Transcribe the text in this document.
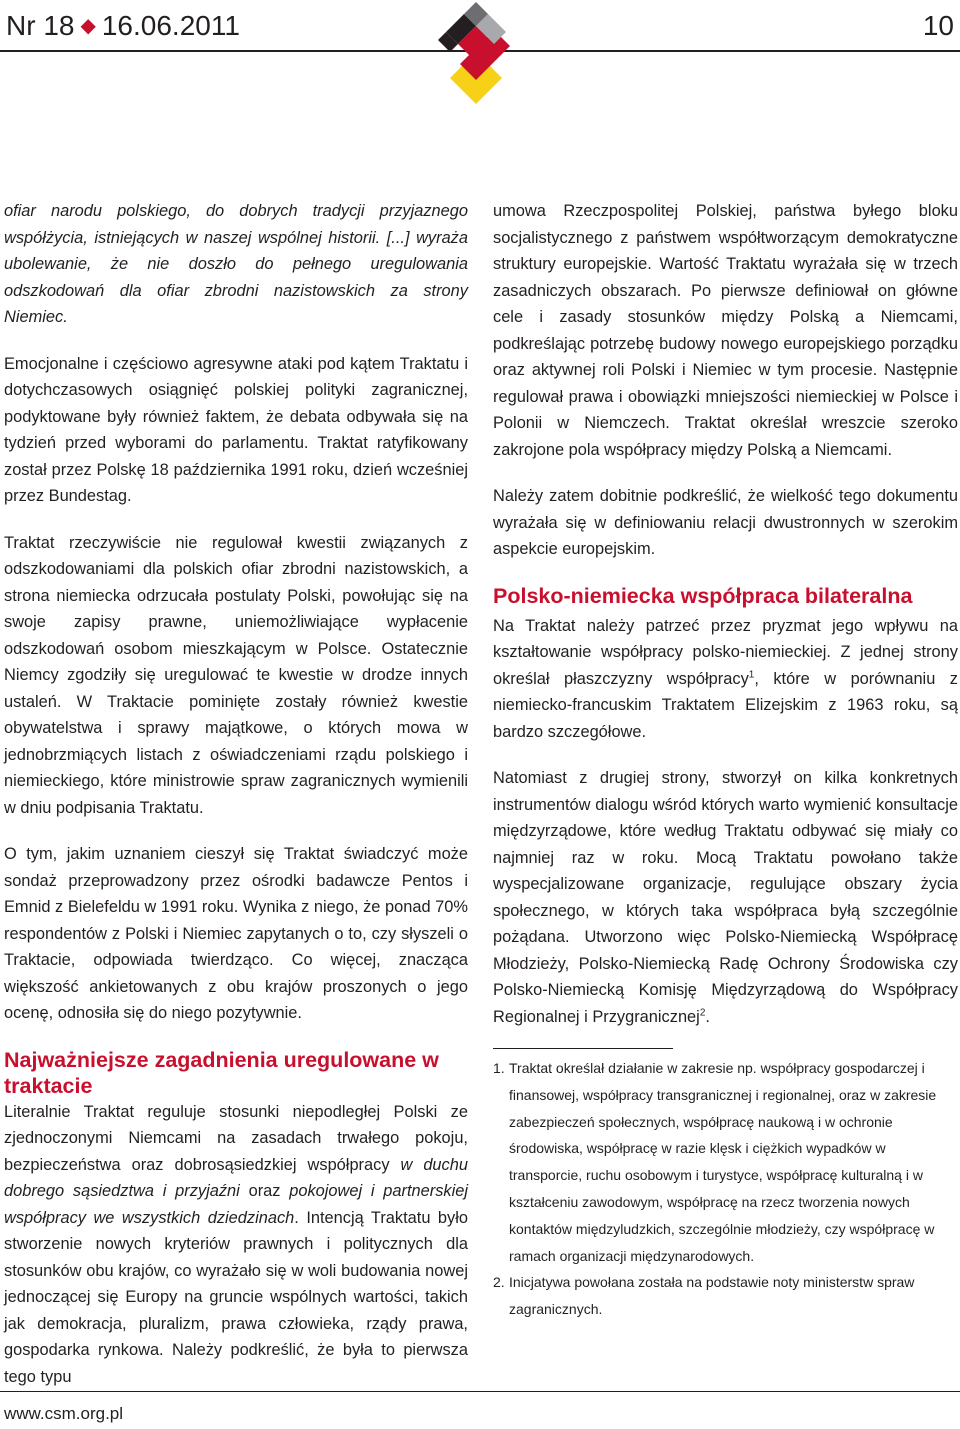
Nr 18 ◆ 16.06.2011	10

ofiar narodu polskiego, do dobrych tradycji przyjaznego współżycia, istniejących w naszej wspólnej historii. [...] wyraża ubolewanie, że nie doszło do pełnego uregulowania odszkodowań dla ofiar zbrodni nazistowskich za strony Niemiec.

Emocjonalne i częściowo agresywne ataki pod kątem Traktatu i dotychczasowych osiągnięć polskiej polityki zagranicznej, podyktowane były również faktem, że debata odbywała się na tydzień przed wyborami do parlamentu. Traktat ratyfikowany został przez Polskę 18 października 1991 roku, dzień wcześniej przez Bundestag.

Traktat rzeczywiście nie regulował kwestii związanych z odszkodowaniami dla polskich ofiar zbrodni nazistowskich, a strona niemiecka odrzucała postulaty Polski, powołując się na swoje zapisy prawne, uniemożliwiające wypłacenie odszkodowań osobom mieszkającym w Polsce. Ostatecznie Niemcy zgodziły się uregulować te kwestie w drodze innych ustaleń. W Traktacie pominięte zostały również kwestie obywatelstwa i sprawy majątkowe, o których mowa w jednobrzmiących listach z oświadczeniami rządu polskiego i niemieckiego, które ministrowie spraw zagranicznych wymienili w dniu podpisania Traktatu.

O tym, jakim uznaniem cieszył się Traktat świadczyć może sondaż przeprowadzony przez ośrodki badawcze Pentos i Emnid z Bielefeldu w 1991 roku. Wynika z niego, że ponad 70% respondentów z Polski i Niemiec zapytanych o to, czy słyszeli o Traktacie, odpowiada twierdząco. Co więcej, znacząca większość ankietowanych z obu krajów proszonych o jego ocenę, odnosiła się do niego pozytywnie.

Najważniejsze zagadnienia uregulowane w traktacie

Literalnie Traktat reguluje stosunki niepodległej Polski ze zjednoczonymi Niemcami na zasadach trwałego pokoju, bezpieczeństwa oraz dobrosąsiedzkiej współpracy w duchu dobrego sąsiedztwa i przyjaźni oraz pokojowej i partnerskiej współpracy we wszystkich dziedzinach. Intencją Traktatu było stworzenie nowych kryteriów prawnych i politycznych dla stosunków obu krajów, co wyrażało się w woli budowania nowej jednoczącej się Europy na gruncie wspólnych wartości, takich jak demokracja, pluralizm, prawa człowieka, rządy prawa, gospodarka rynkowa. Należy podkreślić, że była to pierwsza tego typu

umowa Rzeczpospolitej Polskiej, państwa byłego bloku socjalistycznego z państwem współtworzącym demokratyczne struktury europejskie. Wartość Traktatu wyrażała się w trzech zasadniczych obszarach. Po pierwsze definiował on główne cele i zasady stosunków między Polską a Niemcami, podkreślając potrzebę budowy nowego europejskiego porządku oraz aktywnej roli Polski i Niemiec w tym procesie. Następnie regulował prawa i obowiązki mniejszości niemieckiej w Polsce i Polonii w Niemczech. Traktat określał wreszcie szeroko zakrojone pola współpracy między Polską a Niemcami.

Należy zatem dobitnie podkreślić, że wielkość tego dokumentu wyrażała się w definiowaniu relacji dwustronnych w szerokim aspekcie europejskim.

Polsko-niemiecka współpraca bilateralna

Na Traktat należy patrzeć przez pryzmat jego wpływu na kształtowanie współpracy polsko-niemieckiej. Z jednej strony określał płaszczyzny współpracy$^1$, które w porównaniu z niemiecko-francuskim Traktatem Elizejskim z 1963 roku, są bardzo szczegółowe.

Natomiast z drugiej strony, stworzył on kilka konkretnych instrumentów dialogu wśród których warto wymienić konsultacje międzyrządowe, które według Traktatu odbywać się miały co najmniej raz w roku. Mocą Traktatu powołano także wyspecjalizowane organizacje, regulujące obszary życia społecznego, w których taka współpraca byłą szczególnie pożądana. Utworzono więc Polsko-Niemiecką Współpracę Młodzieży, Polsko-Niemiecką Radę Ochrony Środowiska czy Polsko-Niemiecką Komisję Międzyrządową do Współpracy Regionalnej i Przygranicznej$^2$.

1. Traktat określał działanie w zakresie np. współpracy gospodarczej i finansowej, współpracy transgranicznej i regionalnej, oraz w zakresie zabezpieczeń społecznych, współpracę naukową i w ochronie środowiska, współpracę w razie klęsk i ciężkich wypadków w transporcie, ruchu osobowym i turystyce, współpracę kulturalną i w kształceniu zawodowym, współpracę na rzecz tworzenia nowych kontaktów międzyludzkich, szczególnie młodzieży, czy współpracę w ramach organizacji międzynarodowych.
2. Inicjatywa powołana została na podstawie noty ministerstw spraw zagranicznych.
www.csm.org.pl
